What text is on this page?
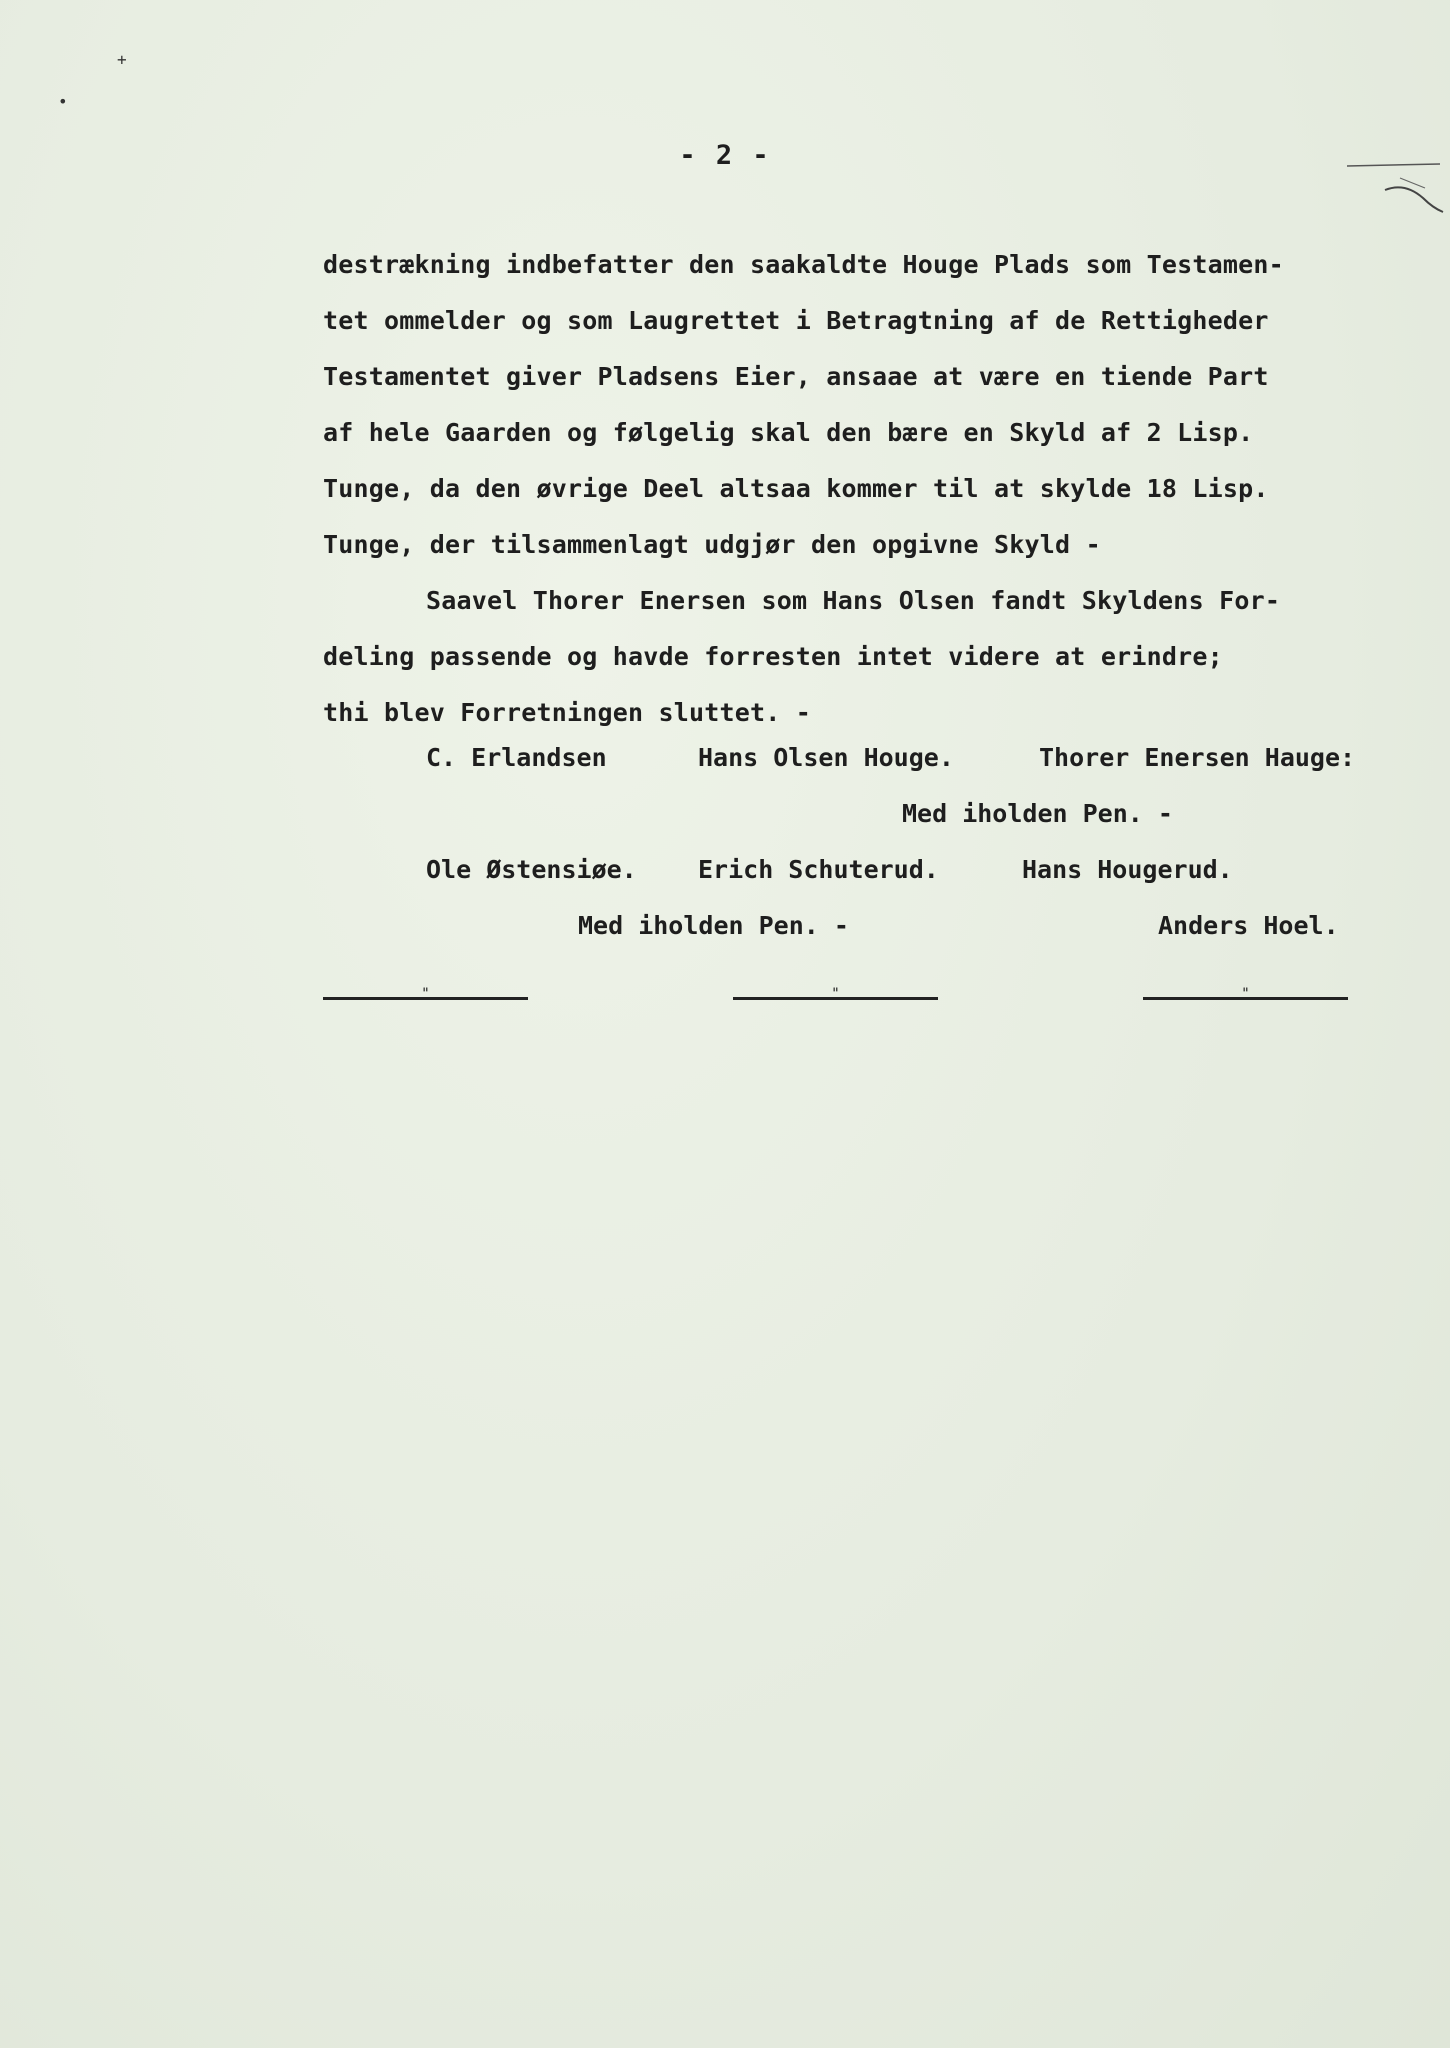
+
•
- 2 -
destrækning indbefatter den saakaldte Houge Plads som Testamen-
tet ommelder og som Laugrettet i Betragtning af de Rettigheder
Testamentet giver Pladsens Eier, ansaae at være en tiende Part
af hele Gaarden og følgelig skal den bære en Skyld af 2 Lisp.
Tunge, da den øvrige Deel altsaa kommer til at skylde 18 Lisp.
Tunge, der tilsammenlagt udgjør den opgivne Skyld -
Saavel Thorer Enersen som Hans Olsen fandt Skyldens For-
deling passende og havde forresten intet videre at erindre;
thi blev Forretningen sluttet. -
C. Erlandsen	Hans Olsen Houge.	Thorer Enersen Hauge:
Med iholden Pen. -
Ole Østensiøe. Erich Schuterud.	Hans Hougerud.
Med iholden Pen. -	Anders Hoel.
"	"	"
